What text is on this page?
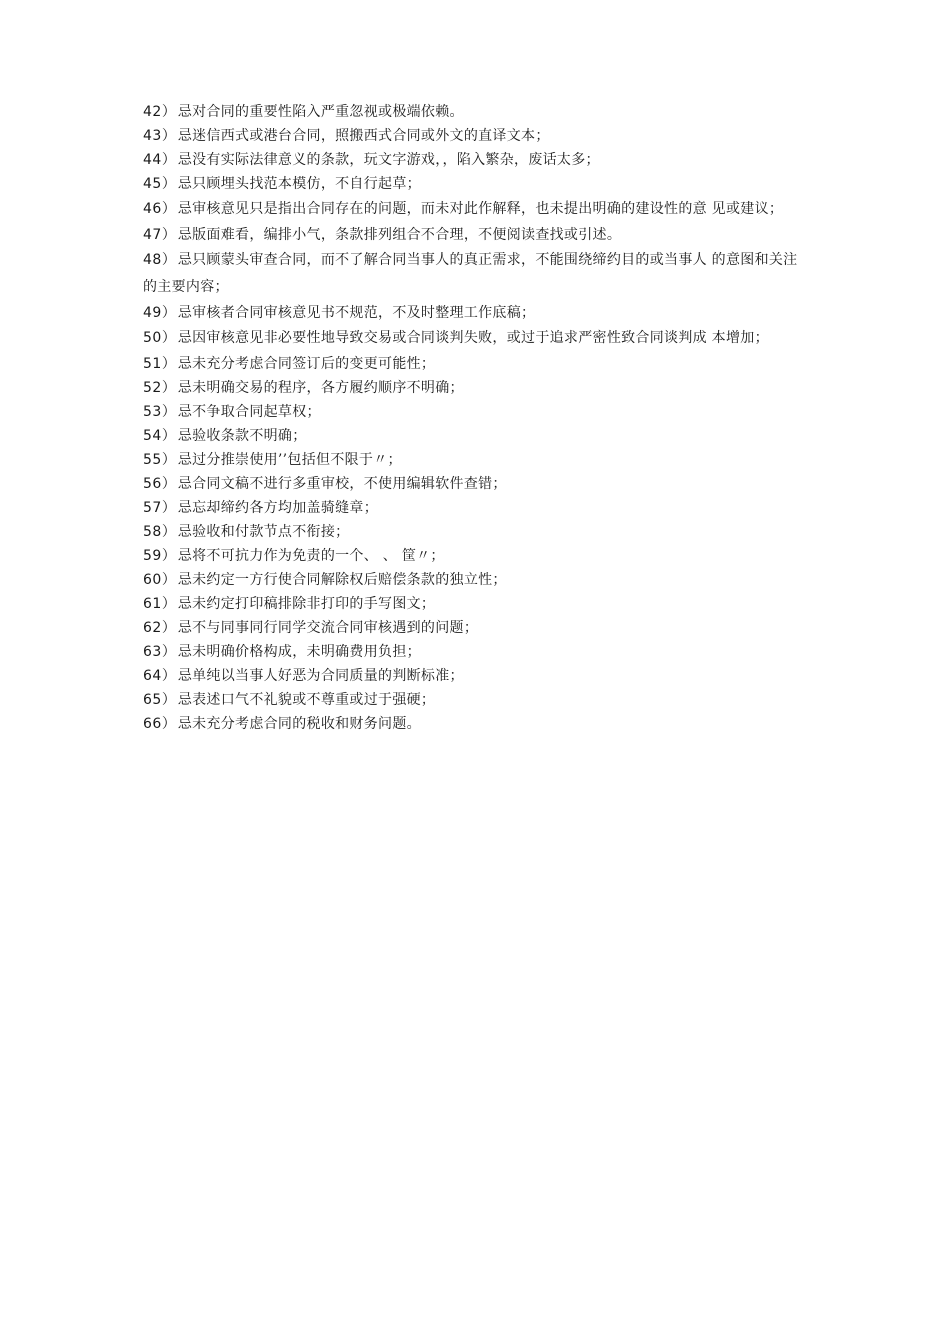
42） 忌对合同的重要性陷入严重忽视或极端依赖。

43） 忌迷信西式或港台合同，照搬西式合同或外文的直译文本；

44） 忌没有实际法律意义的条款，玩文字游戏，，陷入繁杂，废话太多；

45） 忌只顾埋头找范本模仿，不自行起草；

46） 忌审核意见只是指出合同存在的问题，而未对此作解释，也未提出明确的建设性的意 见或建议；

47） 忌版面难看，编排小气，条款排列组合不合理，不便阅读查找或引述。

48） 忌只顾蒙头审查合同，而不了解合同当事人的真正需求，不能围绕缔约目的或当事人 的意图和关注的主要内容；

49） 忌审核者合同审核意见书不规范，不及时整理工作底稿；

50） 忌因审核意见非必要性地导致交易或合同谈判失败，或过于追求严密性致合同谈判成 本增加；

51） 忌未充分考虑合同签订后的变更可能性；

52） 忌未明确交易的程序，各方履约顺序不明确；

53） 忌不争取合同起草权；

54） 忌验收条款不明确；

55） 忌过分推崇使用’’包括但不限于〃；

56） 忌合同文稿不进行多重审校，不使用编辑软件查错；

57） 忌忘却缔约各方均加盖骑缝章；

58） 忌验收和付款节点不衔接；

59） 忌将不可抗力作为免责的一个、 、 筐〃；

60） 忌未约定一方行使合同解除权后赔偿条款的独立性；

61） 忌未约定打印稿排除非打印的手写图文；

62） 忌不与同事同行同学交流合同审核遇到的问题；

63） 忌未明确价格构成，未明确费用负担；

64） 忌单纯以当事人好恶为合同质量的判断标准；

65） 忌表述口气不礼貌或不尊重或过于强硬；

66） 忌未充分考虑合同的税收和财务问题。
